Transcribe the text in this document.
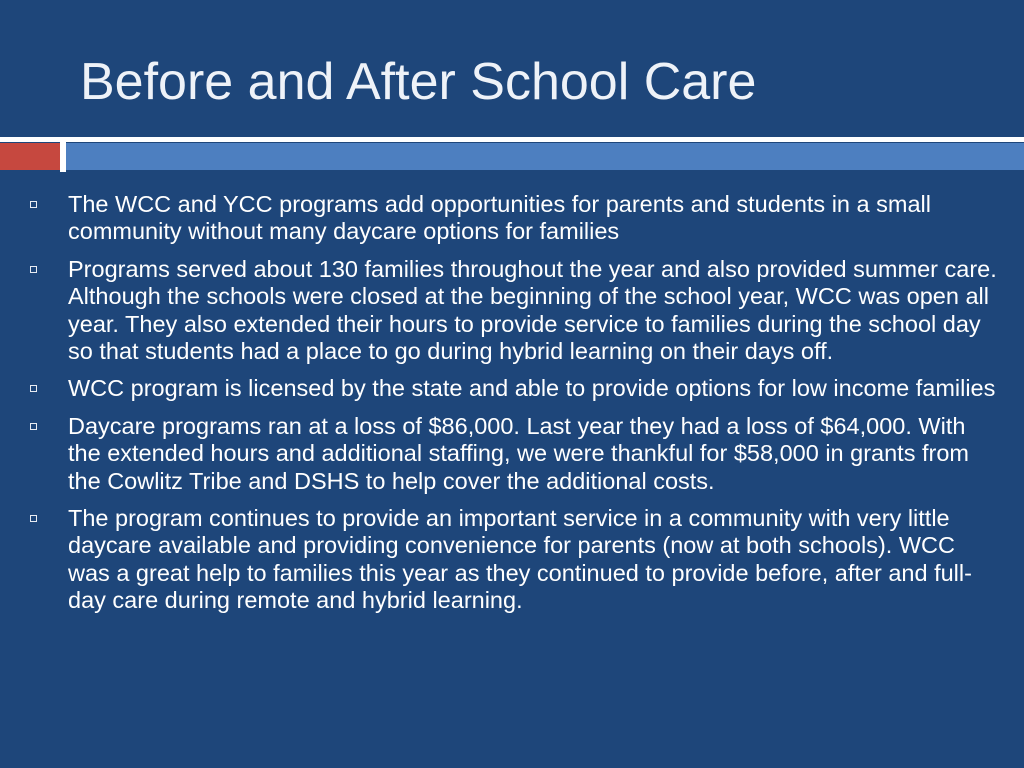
Before and After School Care
The WCC and YCC programs add opportunities for parents and students in a small community without many daycare options for families
Programs served about 130 families throughout the year and also provided summer care. Although the schools were closed at the beginning of the school year, WCC was open all year. They also extended their hours to provide service to families during the school day so that students had a place to go during hybrid learning on their days off.
WCC program is licensed by the state and able to provide options for low income families
Daycare programs ran at a loss of $86,000. Last year they had a loss of $64,000. With the extended hours and additional staffing, we were thankful for $58,000 in grants from the Cowlitz Tribe and DSHS to help cover the additional costs.
The program continues to provide an important service in a community with very little daycare available and providing convenience for parents (now at both schools). WCC was a great help to families this year as they continued to provide before, after and full-day care during remote and hybrid learning.
